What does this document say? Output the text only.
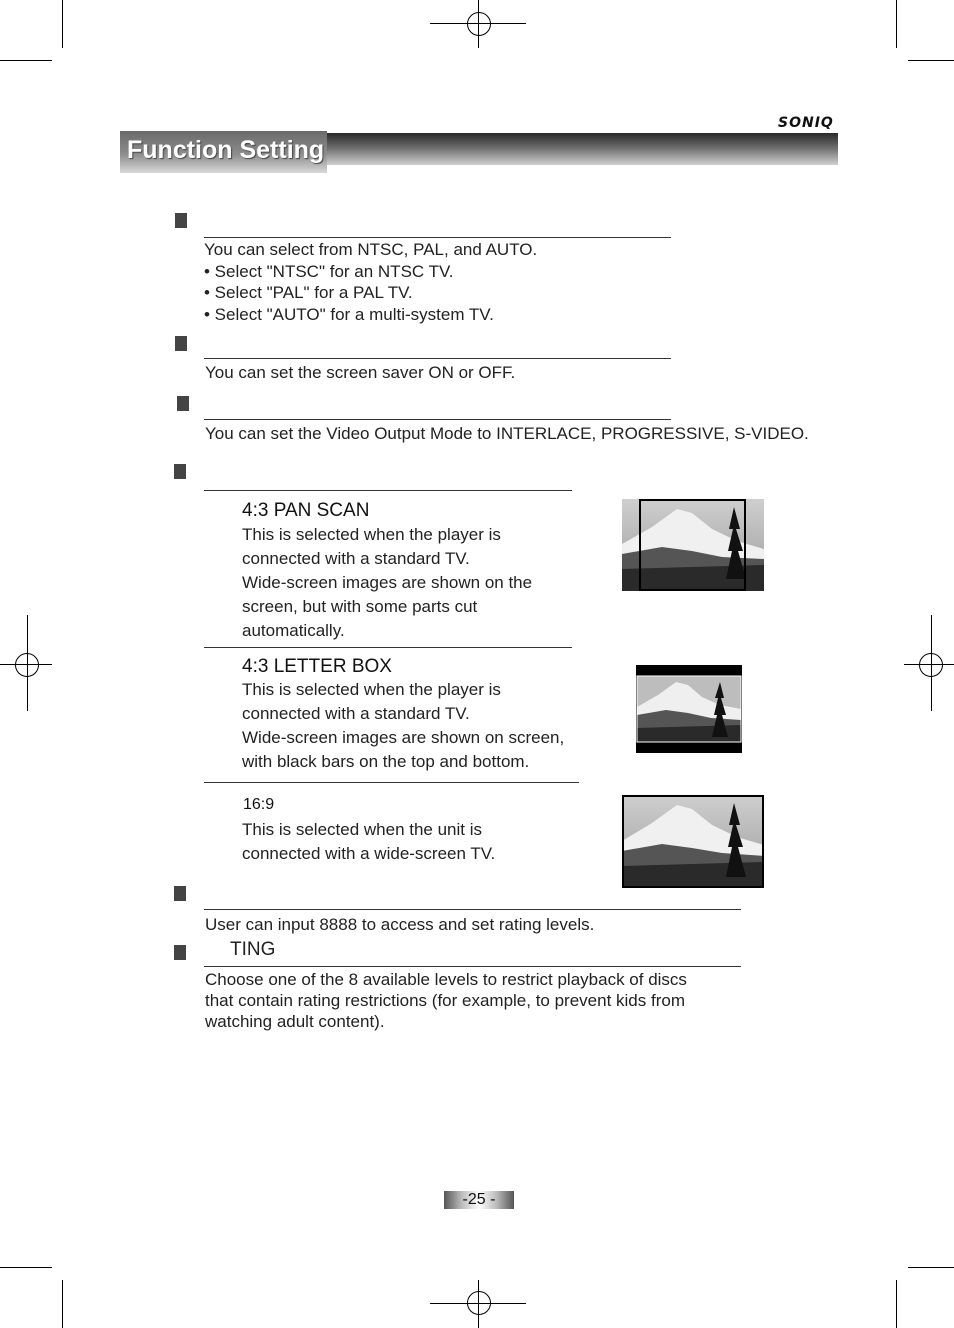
SONIQ
Function Setting
You can select from NTSC, PAL, and AUTO.
• Select "NTSC" for an NTSC TV.
• Select "PAL" for a PAL TV.
• Select "AUTO" for a multi-system TV.
You can set the screen saver ON or OFF.
You can set the Video Output Mode to INTERLACE, PROGRESSIVE, S-VIDEO.
4:3 PAN SCAN
This is selected when the player is
connected with a standard TV.
Wide-screen images are shown on the
screen, but with some parts cut
automatically.
4:3 LETTER BOX
This is selected when the player is
connected with a standard TV.
Wide-screen images are shown on screen,
with black bars on the top and bottom.
16:9
This is selected when the unit is
connected with a wide-screen TV.
User can input 8888 to access and set rating levels.
TING
Choose one of the 8 available levels to restrict playback of discs
that contain rating restrictions (for example, to prevent kids from
watching adult content).
-25 -
